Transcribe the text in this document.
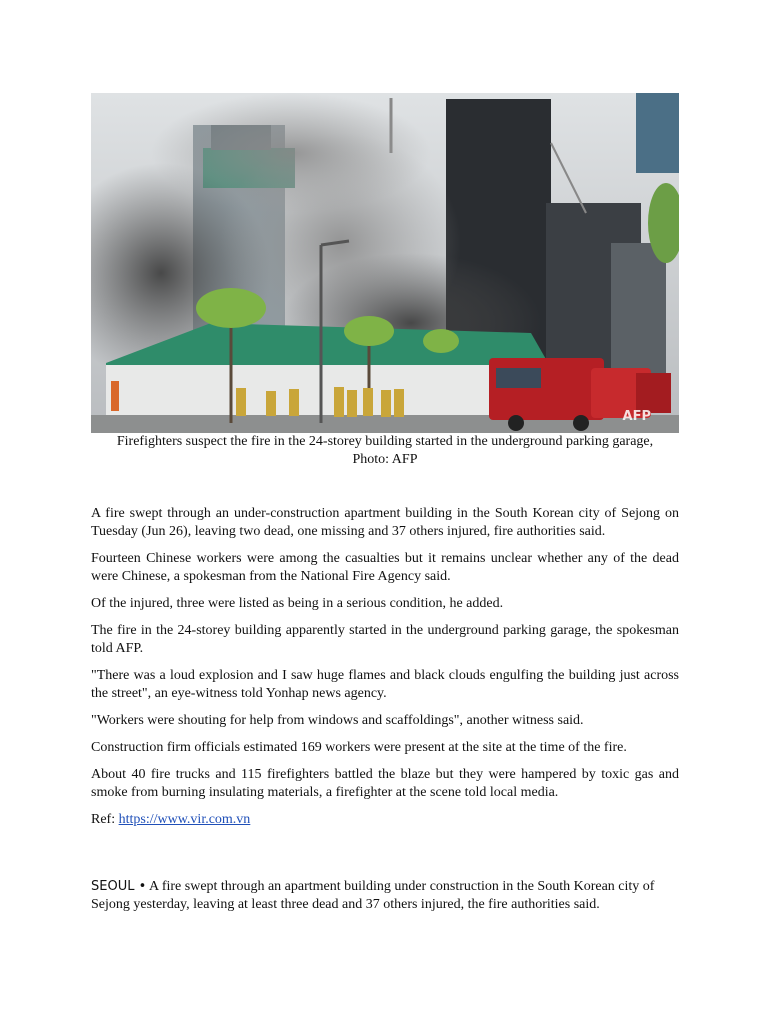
AFP
Firefighters suspect the fire in the 24-storey building started in the underground parking garage,
Photo: AFP

A fire swept through an under-construction apartment building in the South Korean city of Sejong on Tuesday (Jun 26), leaving two dead, one missing and 37 others injured, fire authorities said.

Fourteen Chinese workers were among the casualties but it remains unclear whether any of the dead were Chinese, a spokesman from the National Fire Agency said.

Of the injured, three were listed as being in a serious condition, he added.

The fire in the 24-storey building apparently started in the underground parking garage, the spokesman told AFP.

"There was a loud explosion and I saw huge flames and black clouds engulfing the building just across the street", an eye-witness told Yonhap news agency.

"Workers were shouting for help from windows and scaffoldings", another witness said.

Construction firm officials estimated 169 workers were present at the site at the time of the fire.

About 40 fire trucks and 115 firefighters battled the blaze but they were hampered by toxic gas and smoke from burning insulating materials, a firefighter at the scene told local media.

Ref: https://www.vir.com.vn

SEOUL • A fire swept through an apartment building under construction in the South Korean city of Sejong yesterday, leaving at least three dead and 37 others injured, the fire authorities said.
